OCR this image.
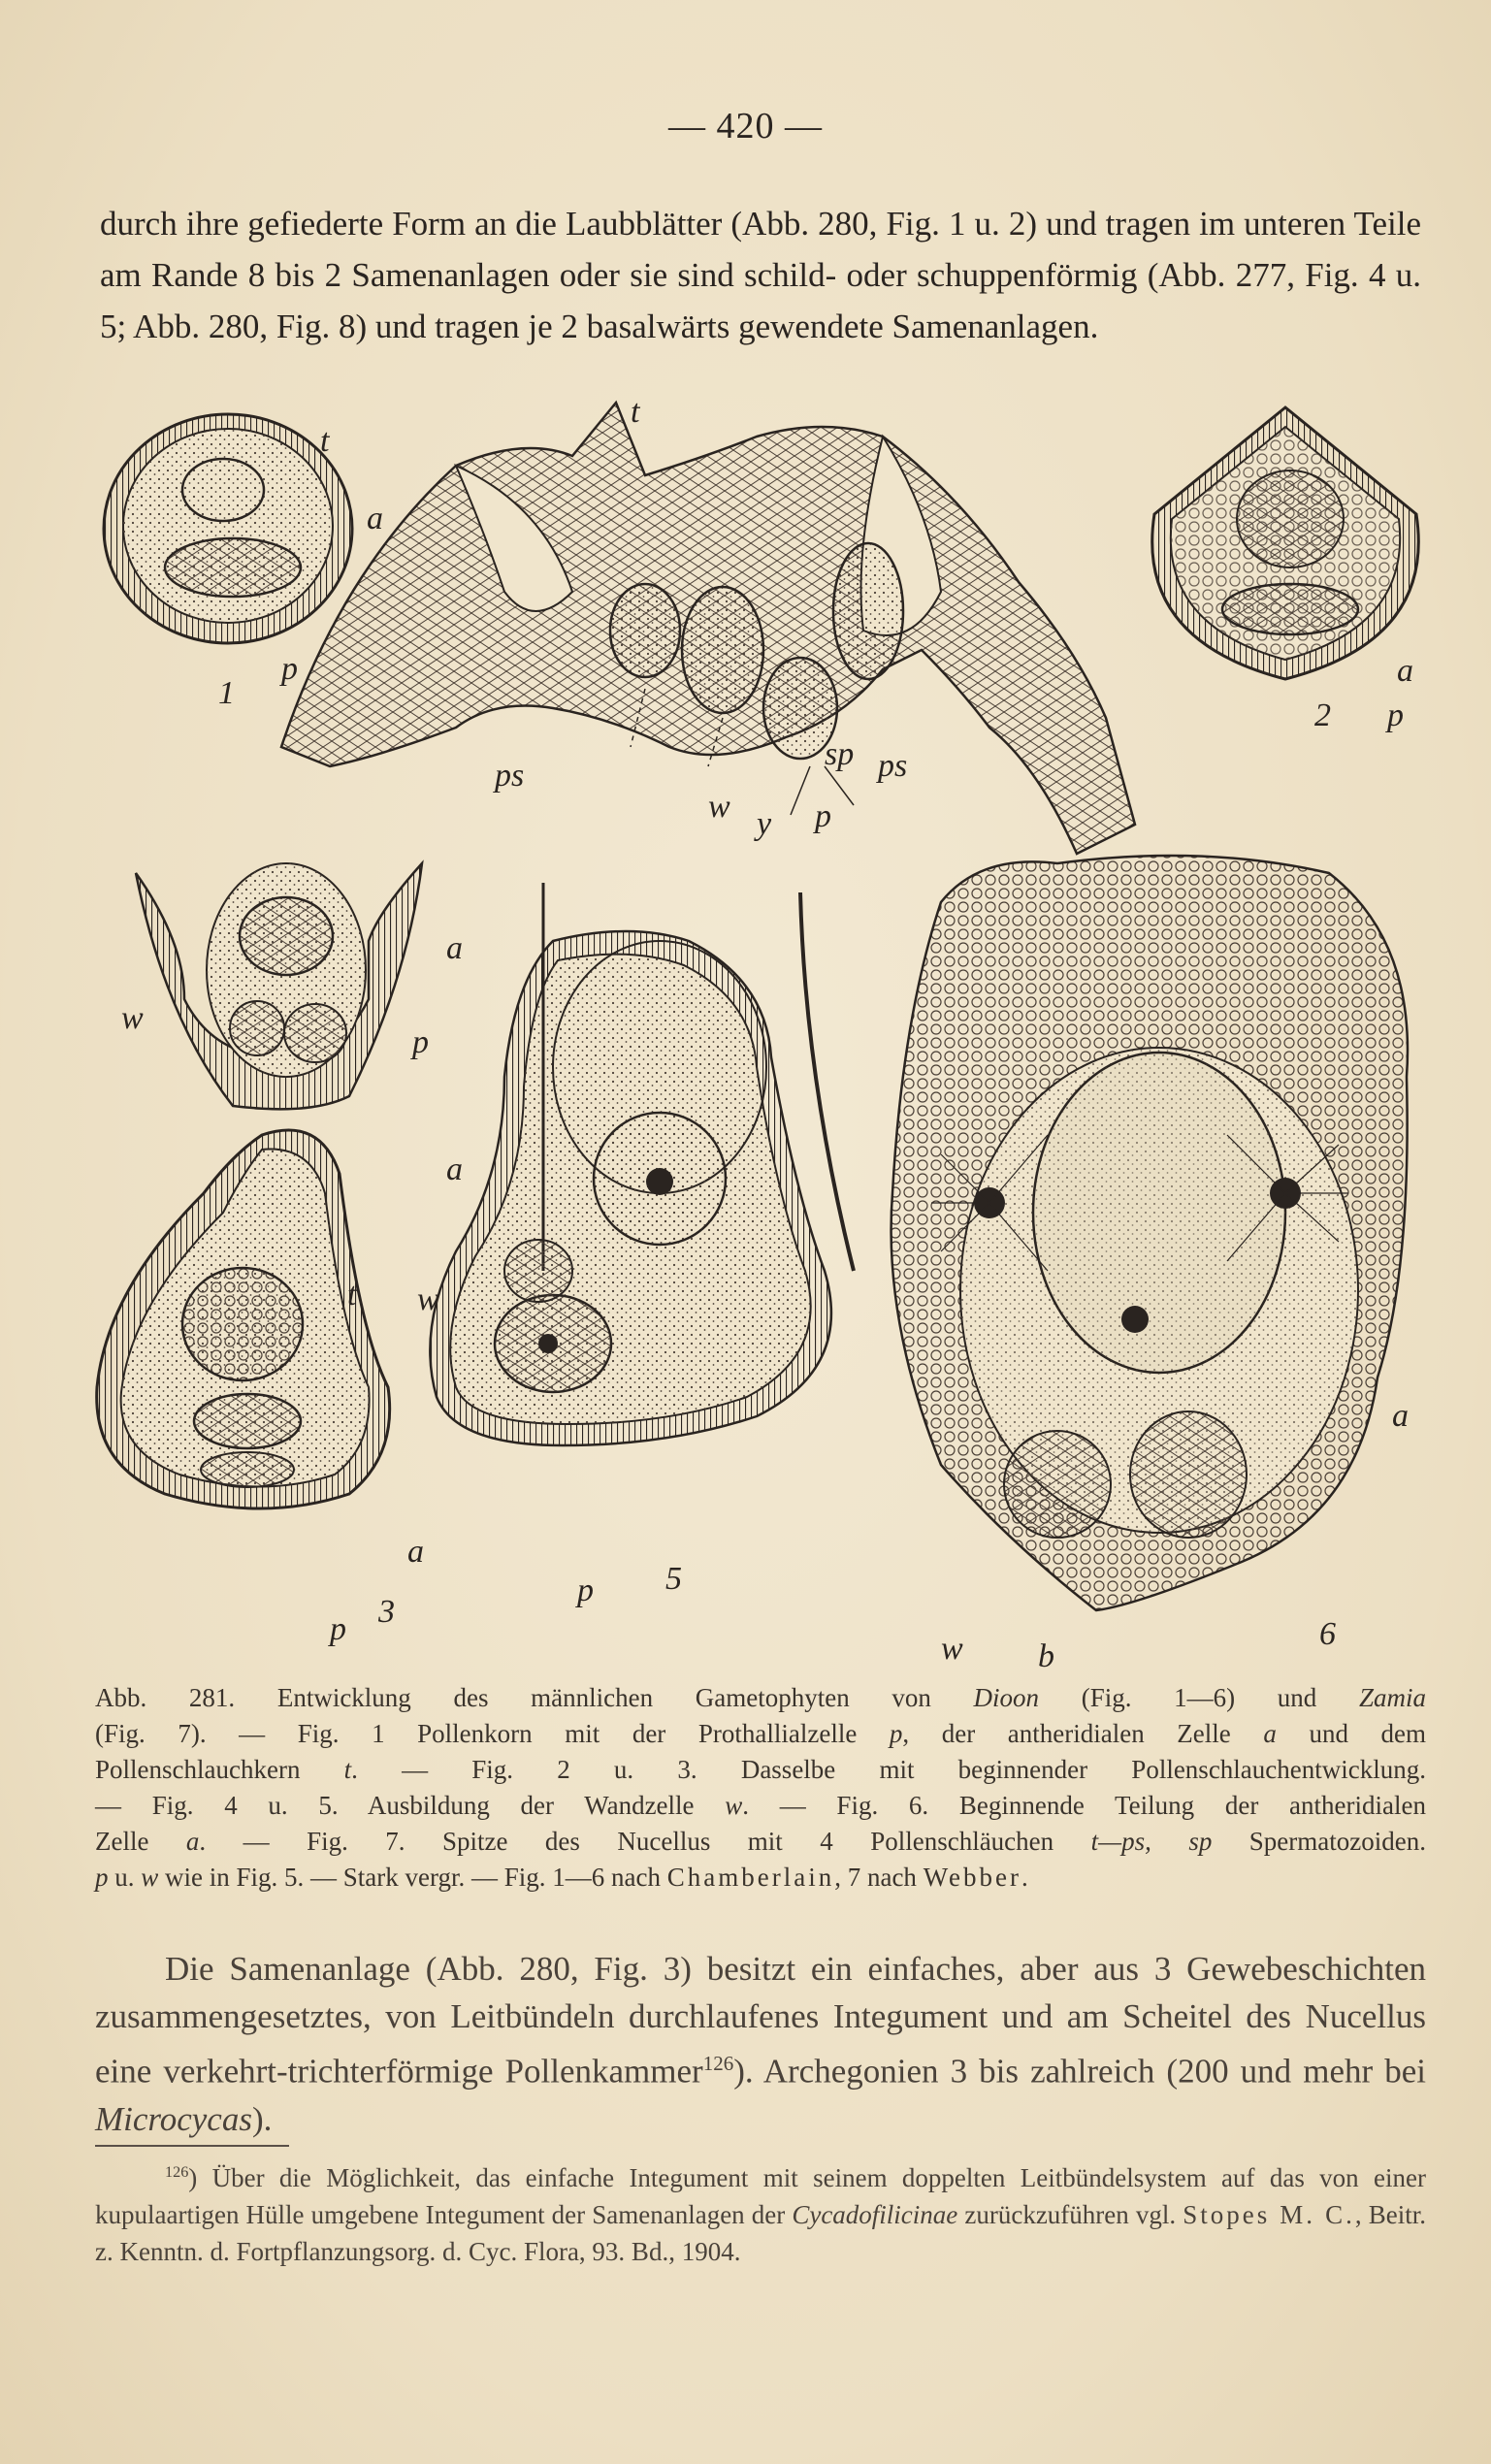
— 420 —
durch ihre gefiederte Form an die Laubblätter (Abb. 280, Fig. 1 u. 2) und tragen im unteren Teile am Rande 8 bis 2 Samenanlagen oder sie sind schild- oder schuppenförmig (Abb. 277, Fig. 4 u. 5; Abb. 280, Fig. 8) und tragen je 2 basalwärts gewendete Samenanlagen.
t
a
p
1
t
ps
w y p
sp ps
a
p
2
a
p
w
t
a
p 3
a
w
p 5
a
w b
6

Abb. 281. Entwicklung des männlichen Gametophyten von Dioon (Fig. 1—6) und Zamia

(Fig. 7). — Fig. 1 Pollenkorn mit der Prothallialzelle p, der antheridialen Zelle a und dem

Pollenschlauchkern t. — Fig. 2 u. 3. Dasselbe mit beginnender Pollenschlauchentwicklung.

— Fig. 4 u. 5. Ausbildung der Wandzelle w. — Fig. 6. Beginnende Teilung der antheridialen

Zelle a. — Fig. 7. Spitze des Nucellus mit 4 Pollenschläuchen t—ps, sp Spermatozoiden.

p u. w wie in Fig. 5. — Stark vergr. — Fig. 1—6 nach Chamberlain, 7 nach Webber.

Die Samenanlage (Abb. 280, Fig. 3) besitzt ein einfaches, aber aus 3 Gewebeschichten zusammengesetztes, von Leitbündeln durchlaufenes Integument und am Scheitel des Nucellus eine verkehrt-trichterförmige Pollenkammer$^{126}$). Archegonien 3 bis zahlreich (200 und mehr bei Microcycas).

$^{126}$) Über die Möglichkeit, das einfache Integument mit seinem doppelten Leitbündelsystem auf das von einer kupulaartigen Hülle umgebene Integument der Samenanlagen der Cycadofilicinae zurückzuführen vgl. Stopes M. C., Beitr. z. Kenntn. d. Fortpflanzungsorg. d. Cyc. Flora, 93. Bd., 1904.
